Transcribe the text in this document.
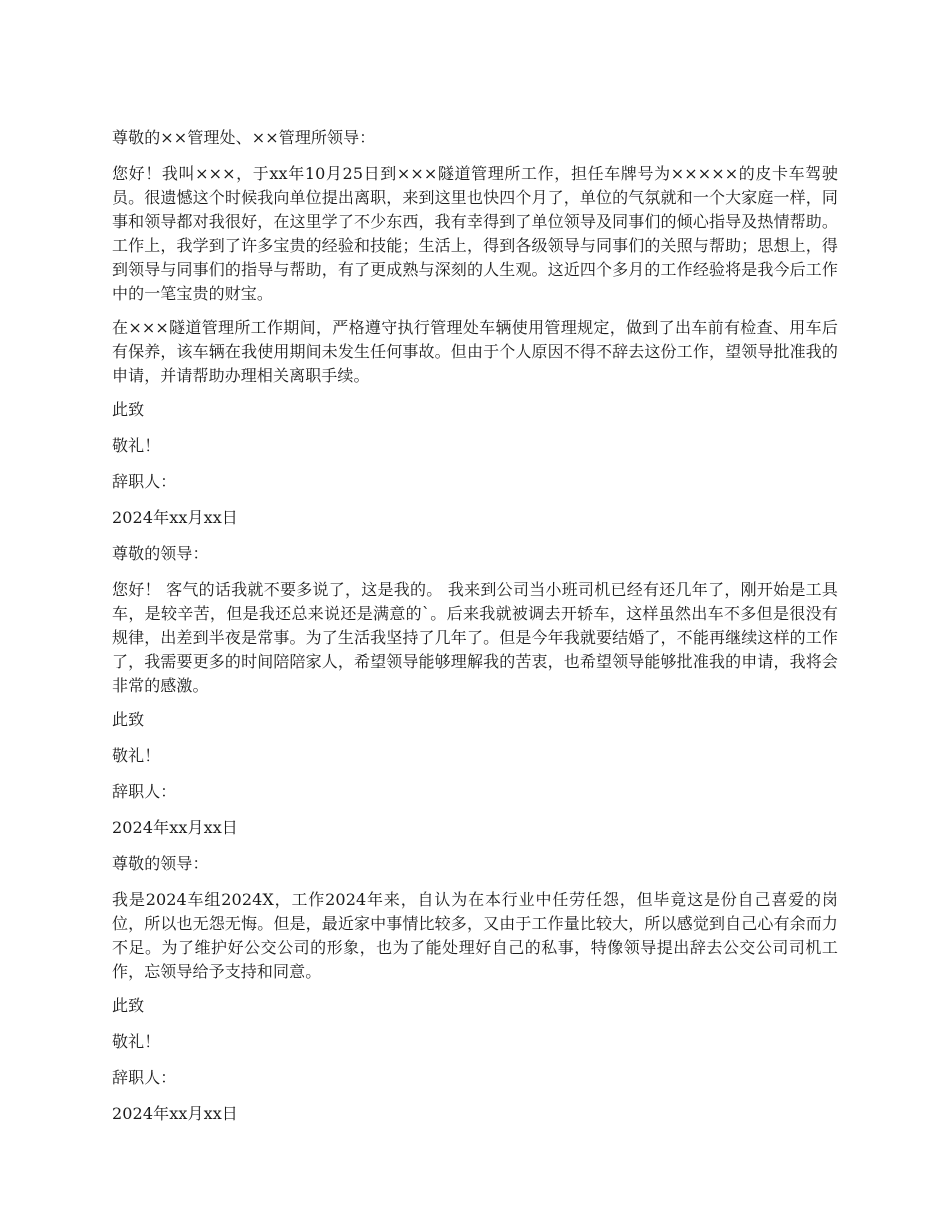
尊敬的××管理处、××管理所领导：

您好！我叫×××，于xx年10月25日到×××隧道管理所工作，担任车牌号为×××××的皮卡车驾驶员。很遗憾这个时候我向单位提出离职，来到这里也快四个月了，单位的气氛就和一个大家庭一样，同事和领导都对我很好，在这里学了不少东西，我有幸得到了单位领导及同事们的倾心指导及热情帮助。工作上，我学到了许多宝贵的经验和技能；生活上，得到各级领导与同事们的关照与帮助；思想上，得到领导与同事们的指导与帮助，有了更成熟与深刻的人生观。这近四个多月的工作经验将是我今后工作中的一笔宝贵的财宝。

在×××隧道管理所工作期间，严格遵守执行管理处车辆使用管理规定，做到了出车前有检查、用车后有保养，该车辆在我使用期间未发生任何事故。但由于个人原因不得不辞去这份工作，望领导批准我的申请，并请帮助办理相关离职手续。

此致

敬礼！

辞职人：

2024年xx月xx日

尊敬的领导：

您好！ 客气的话我就不要多说了，这是我的。 我来到公司当小班司机已经有还几年了，刚开始是工具车，是较辛苦，但是我还总来说还是满意的`。后来我就被调去开轿车，这样虽然出车不多但是很没有规律，出差到半夜是常事。为了生活我坚持了几年了。但是今年我就要结婚了，不能再继续这样的工作了，我需要更多的时间陪陪家人，希望领导能够理解我的苦衷，也希望领导能够批准我的申请，我将会非常的感激。

此致

敬礼！

辞职人：

2024年xx月xx日

尊敬的领导：

我是2024车组2024X，工作2024年来，自认为在本行业中任劳任怨，但毕竟这是份自己喜爱的岗位，所以也无怨无悔。但是，最近家中事情比较多，又由于工作量比较大，所以感觉到自己心有余而力不足。为了维护好公交公司的形象，也为了能处理好自己的私事，特像领导提出辞去公交公司司机工作，忘领导给予支持和同意。

此致

敬礼！

辞职人：

2024年xx月xx日
